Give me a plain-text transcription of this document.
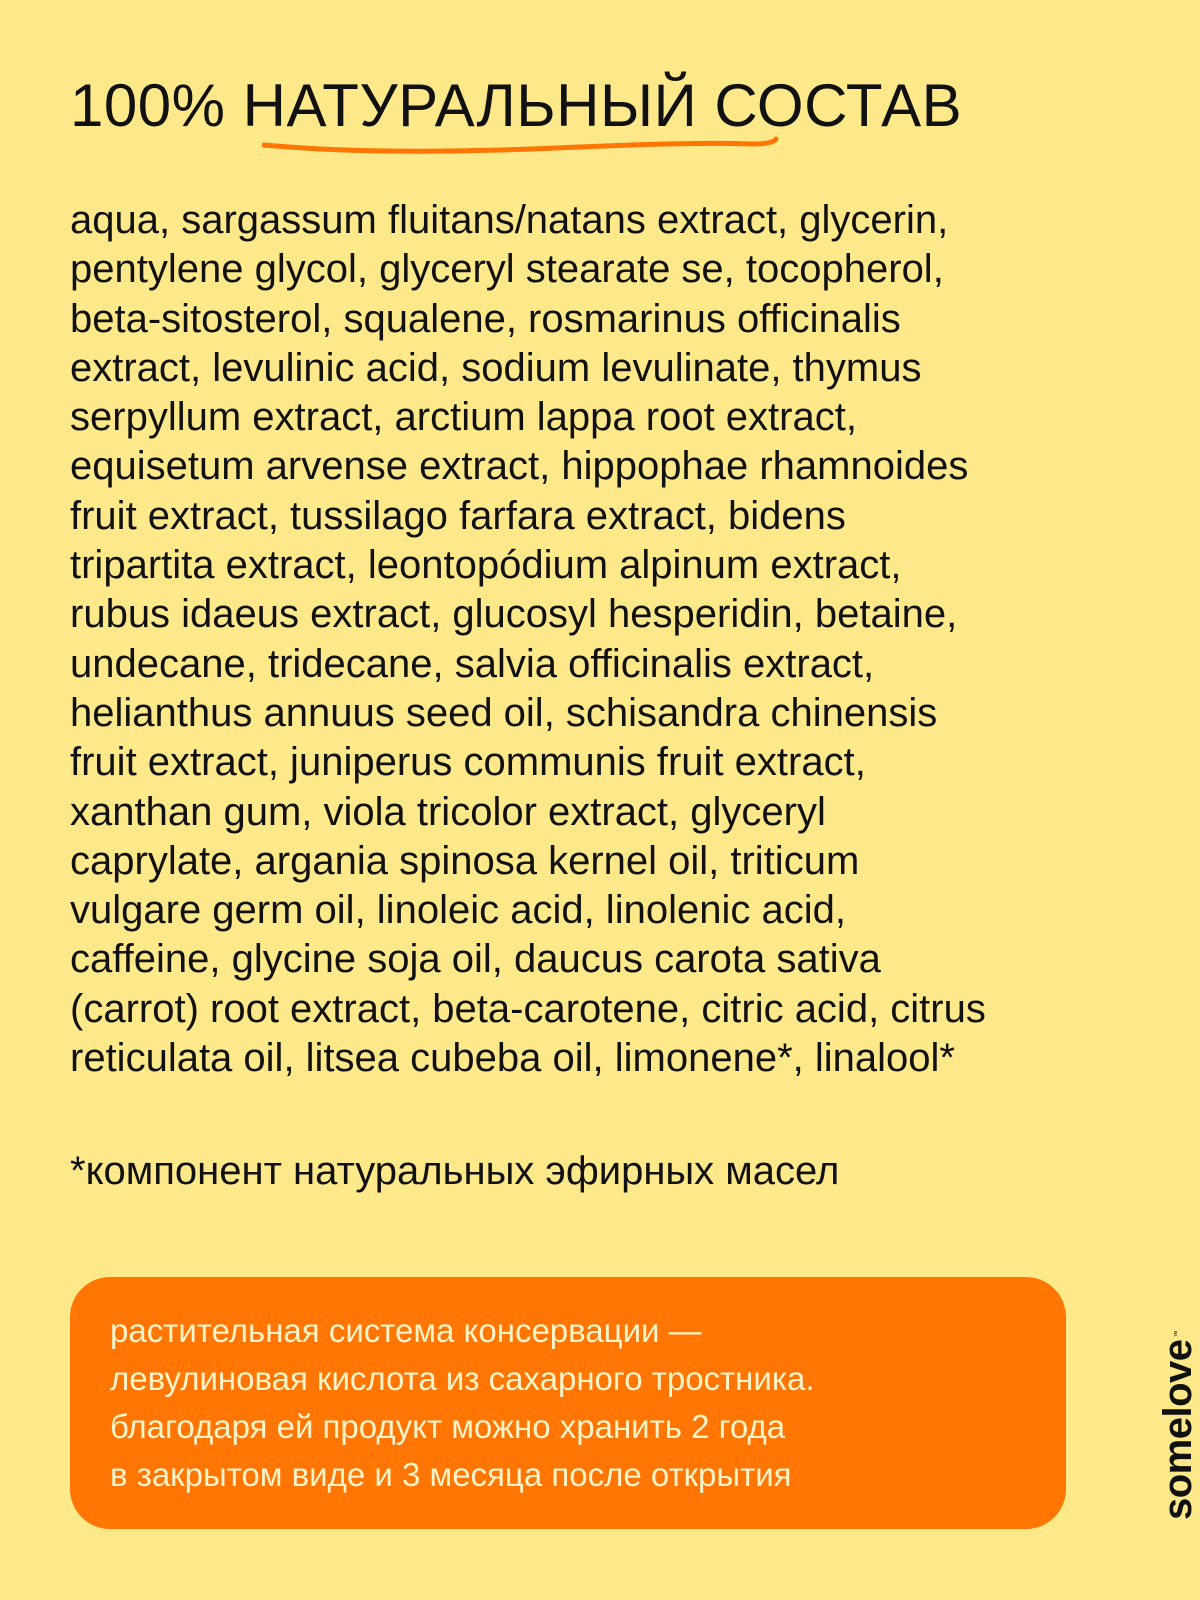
100% НАТУРАЛЬНЫЙ СОСТАВ

aqua, sargassum fluitans/natans extract, glycerin,
pentylene glycol, glyceryl stearate se, tocopherol,
beta-sitosterol, squalene, rosmarinus officinalis
extract, levulinic acid, sodium levulinate, thymus
serpyllum extract, arctium lappa root extract,
equisetum arvense extract, hippophae rhamnoides
fruit extract, tussilago farfara extract, bidens
tripartita extract, leontopódium alpinum extract,
rubus idaeus extract, glucosyl hesperidin, betaine,
undecane, tridecane, salvia officinalis extract,
helianthus annuus seed oil, schisandra chinensis
fruit extract, juniperus communis fruit extract,
xanthan gum, viola tricolor extract, glyceryl
caprylate, argania spinosa kernel oil, triticum
vulgare germ oil, linoleic acid, linolenic acid,
caffeine, glycine soja oil, daucus carota sativa
(carrot) root extract, beta-carotene, citric acid, citrus
reticulata oil, litsea cubeba oil, limonene*, linalool*

*компонент натуральных эфирных масел

растительная система консервации —
левулиновая кислота из сахарного тростника.
благодаря ей продукт можно хранить 2 года
в закрытом виде и 3 месяца после открытия	somelove™
